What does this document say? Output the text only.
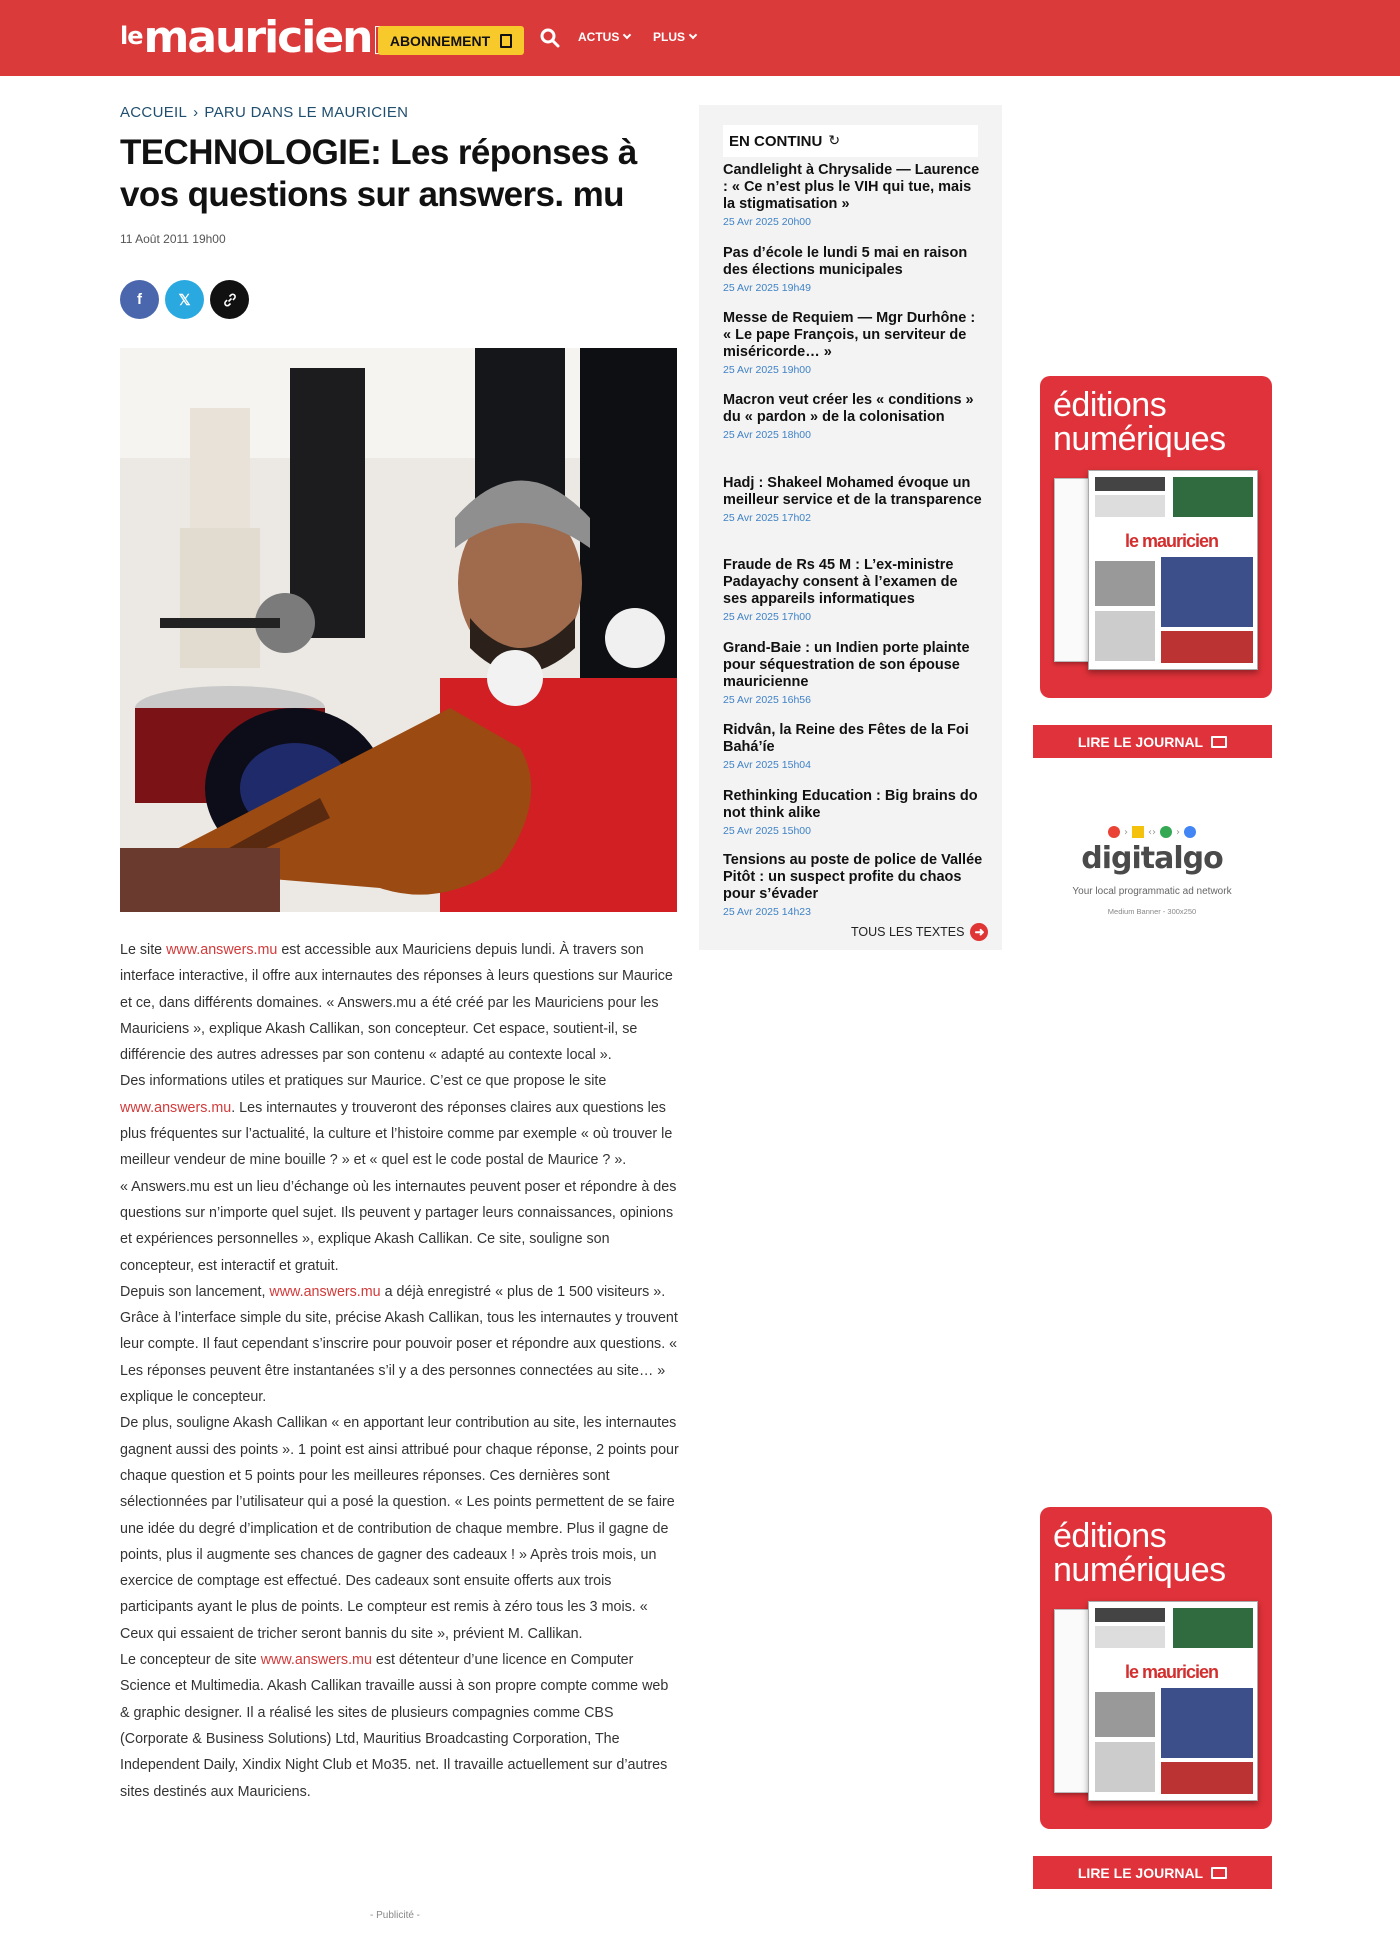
le mauricien ABONNEMENT	ACTUS	PLUS
ACCUEIL › PARU DANS LE MAURICIEN
TECHNOLOGIE: Les réponses à vos questions sur answers. mu
11 Août 2011 19h00
f 𝕏

Le site www.answers.mu est accessible aux Mauriciens depuis lundi. À travers son interface interactive, il offre aux internautes des réponses à leurs questions sur Maurice et ce, dans différents domaines. « Answers.mu a été créé par les Mauriciens pour les Mauriciens », explique Akash Callikan, son concepteur. Cet espace, soutient-il, se différencie des autres adresses par son contenu « adapté au contexte local ».

Des informations utiles et pratiques sur Maurice. C’est ce que propose le site www.answers.mu. Les internautes y trouveront des réponses claires aux questions les plus fréquentes sur l’actualité, la culture et l’histoire comme par exemple « où trouver le meilleur vendeur de mine bouille ? » et « quel est le code postal de Maurice ? ».

« Answers.mu est un lieu d’échange où les internautes peuvent poser et répondre à des questions sur n’importe quel sujet. Ils peuvent y partager leurs connaissances, opinions et expériences personnelles », explique Akash Callikan. Ce site, souligne son concepteur, est interactif et gratuit.

Depuis son lancement, www.answers.mu a déjà enregistré « plus de 1 500 visiteurs ». Grâce à l’interface simple du site, précise Akash Callikan, tous les internautes y trouvent leur compte. Il faut cependant s’inscrire pour pouvoir poser et répondre aux questions. « Les réponses peuvent être instantanées s’il y a des personnes connectées au site… » explique le concepteur.

De plus, souligne Akash Callikan « en apportant leur contribution au site, les internautes gagnent aussi des points ». 1 point est ainsi attribué pour chaque réponse, 2 points pour chaque question et 5 points pour les meilleures réponses. Ces dernières sont sélectionnées par l’utilisateur qui a posé la question. « Les points permettent de se faire une idée du degré d’implication et de contribution de chaque membre. Plus il gagne de points, plus il augmente ses chances de gagner des cadeaux ! » Après trois mois, un exercice de comptage est effectué. Des cadeaux sont ensuite offerts aux trois participants ayant le plus de points. Le compteur est remis à zéro tous les 3 mois. « Ceux qui essaient de tricher seront bannis du site », prévient M. Callikan.

Le concepteur de site www.answers.mu est détenteur d’une licence en Computer Science et Multimedia. Akash Callikan travaille aussi à son propre compte comme web & graphic designer. Il a réalisé les sites de plusieurs compagnies comme CBS (Corporate & Business Solutions) Ltd, Mauritius Broadcasting Corporation, The Independent Daily, Xindix Night Club et Mo35. net. Il travaille actuellement sur d’autres sites destinés aux Mauriciens.

- Publicité -
EN CONTINU ↻
Candlelight à Chrysalide — Laurence : « Ce n’est plus le VIH qui tue, mais la stigmatisation »
25 Avr 2025 20h00
Pas d’école le lundi 5 mai en raison des élections municipales
25 Avr 2025 19h49
Messe de Requiem — Mgr Durhône : « Le pape François, un serviteur de miséricorde… »
25 Avr 2025 19h00
Macron veut créer les « conditions » du « pardon » de la colonisation
25 Avr 2025 18h00
Hadj : Shakeel Mohamed évoque un meilleur service et de la transparence
25 Avr 2025 17h02
Fraude de Rs 45 M : L’ex-ministre Padayachy consent à l’examen de ses appareils informatiques
25 Avr 2025 17h00
Grand-Baie : un Indien porte plainte pour séquestration de son épouse mauricienne
25 Avr 2025 16h56
Ridvân, la Reine des Fêtes de la Foi Bahá’íe
25 Avr 2025 15h04
Rethinking Education : Big brains do not think alike
25 Avr 2025 15h00
Tensions au poste de police de Vallée Pitôt : un suspect profite du chaos pour s’évader
25 Avr 2025 14h23
TOUS LES TEXTES ➜
éditions
numériques
le mauricien
LIRE LE JOURNAL
› ‹› ›
digitalgo
Your local programmatic ad network
Medium Banner - 300x250
éditions
numériques
le mauricien
LIRE LE JOURNAL
